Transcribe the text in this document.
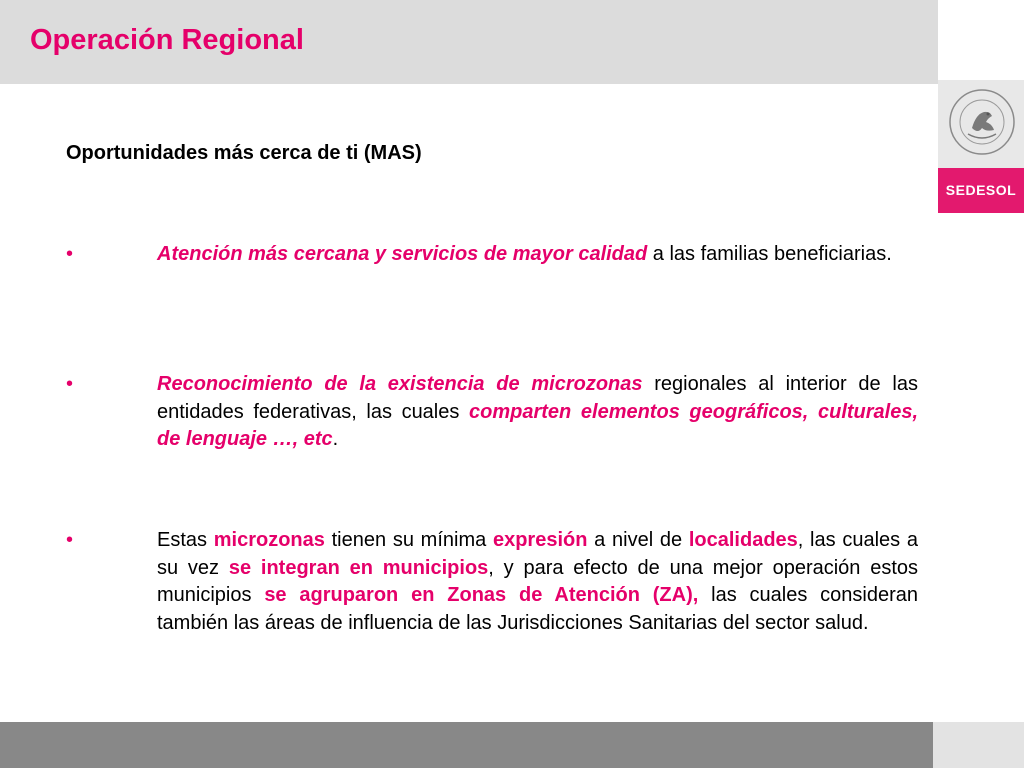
Operación Regional
SEDESOL
Oportunidades más cerca de ti (MAS)
•	Atención más cercana y servicios de mayor calidad a las familias beneficiarias.

•	Reconocimiento de la existencia de microzonas regionales al interior de las entidades federativas, las cuales comparten elementos geográficos, culturales, de lenguaje …, etc.

•	Estas microzonas tienen su mínima expresión a nivel de localidades, las cuales a su vez se integran en municipios, y para efecto de una mejor operación estos municipios se agruparon en Zonas de Atención (ZA), las cuales consideran también las áreas de influencia de las Jurisdicciones Sanitarias del sector salud.
